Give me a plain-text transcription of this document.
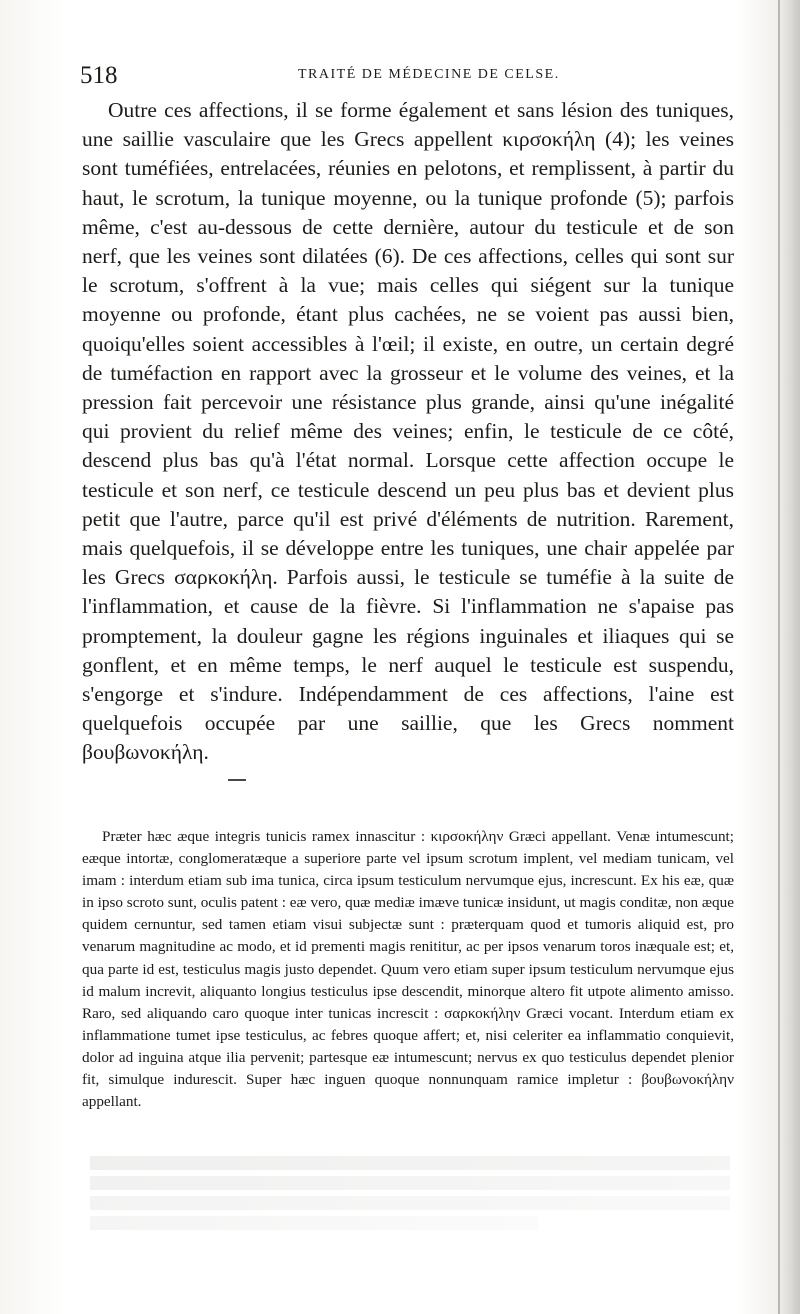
518	TRAITÉ DE MÉDECINE DE CELSE.

Outre ces affections, il se forme également et sans lésion des tuniques, une saillie vasculaire que les Grecs appellent κιρσοκήλη (4); les veines sont tuméfiées, entrelacées, réunies en pelotons, et remplissent, à partir du haut, le scrotum, la tunique moyenne, ou la tunique profonde (5); parfois même, c'est au-dessous de cette dernière, autour du testicule et de son nerf, que les veines sont dilatées (6). De ces affections, celles qui sont sur le scrotum, s'offrent à la vue; mais celles qui siégent sur la tunique moyenne ou profonde, étant plus cachées, ne se voient pas aussi bien, quoiqu'elles soient accessibles à l'œil; il existe, en outre, un certain degré de tuméfaction en rapport avec la grosseur et le volume des veines, et la pression fait percevoir une résistance plus grande, ainsi qu'une inégalité qui provient du relief même des veines; enfin, le testicule de ce côté, descend plus bas qu'à l'état normal. Lorsque cette affection occupe le testicule et son nerf, ce testicule descend un peu plus bas et devient plus petit que l'autre, parce qu'il est privé d'éléments de nutrition. Rarement, mais quelquefois, il se développe entre les tuniques, une chair appelée par les Grecs σαρκοκήλη. Parfois aussi, le testicule se tuméfie à la suite de l'inflammation, et cause de la fièvre. Si l'inflammation ne s'apaise pas promptement, la douleur gagne les régions inguinales et iliaques qui se gonflent, et en même temps, le nerf auquel le testicule est suspendu, s'engorge et s'indure. Indépendamment de ces affections, l'aine est quelquefois occupée par une saillie, que les Grecs nomment βουβωνοκήλη.

Præter hæc æque integris tunicis ramex innascitur : κιρσοκήλην Græci appellant. Venæ intumescunt; eæque intortæ, conglomeratæque a superiore parte vel ipsum scrotum implent, vel mediam tunicam, vel imam : interdum etiam sub ima tunica, circa ipsum testiculum nervumque ejus, increscunt. Ex his eæ, quæ in ipso scroto sunt, oculis patent : eæ vero, quæ mediæ imæve tunicæ insidunt, ut magis conditæ, non æque quidem cernuntur, sed tamen etiam visui subjectæ sunt : præterquam quod et tumoris aliquid est, pro venarum magnitudine ac modo, et id prementi magis renititur, ac per ipsos venarum toros inæquale est; et, qua parte id est, testiculus magis justo dependet. Quum vero etiam super ipsum testiculum nervumque ejus id malum increvit, aliquanto longius testiculus ipse descendit, minorque altero fit utpote alimento amisso. Raro, sed aliquando caro quoque inter tunicas increscit : σαρκοκήλην Græci vocant. Interdum etiam ex inflammatione tumet ipse testiculus, ac febres quoque affert; et, nisi celeriter ea inflammatio conquievit, dolor ad inguina atque ilia pervenit; partesque eæ intumescunt; nervus ex quo testiculus dependet plenior fit, simulque indurescit. Super hæc inguen quoque nonnunquam ramice impletur : βουβωνοκήλην appellant.
